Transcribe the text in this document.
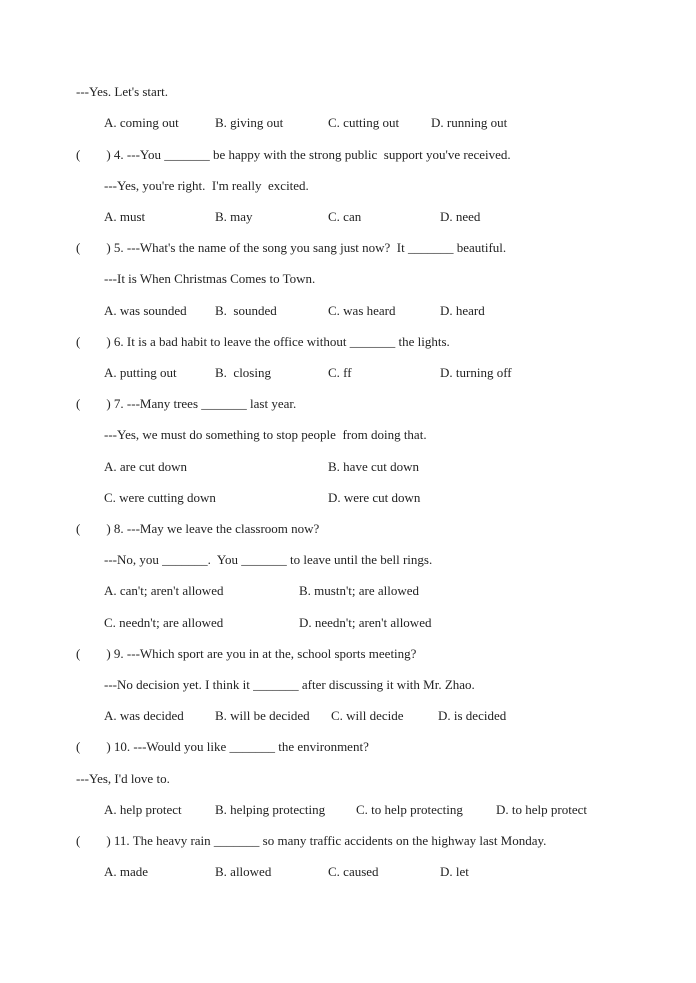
---Yes. Let's start.
A. coming out	B. giving out	C. cutting out D. running out
(        ) 4. ---You _______ be happy with the strong public  support you've received.
---Yes, you're right.  I'm really  excited.
A. must	B. may	C. can	D. need
(        ) 5. ---What's the name of the song you sang just now?  It _______ beautiful.
---It is When Christmas Comes to Town.
A. was sounded B.  sounded	C. was heard	D. heard
(        ) 6. It is a bad habit to leave the office without _______ the lights.
A. putting out	B.  closing	C. ff	D. turning off
(        ) 7. ---Many trees _______ last year.
---Yes, we must do something to stop people  from doing that.
A. are cut down	B. have cut down
C. were cutting down	D. were cut down
(        ) 8. ---May we leave the classroom now?
---No, you _______.  You _______ to leave until the bell rings.
A. can't; aren't allowed	B. mustn't; are allowed
C. needn't; are allowed	D. needn't; aren't allowed
(        ) 9. ---Which sport are you in at the, school sports meeting?
---No decision yet. I think it _______ after discussing it with Mr. Zhao.
A. was decided B. will be decided C. will decide	D. is decided
(        ) 10. ---Would you like _______ the environment?
---Yes, I'd love to.
A. help protect	B. helping protecting C. to help protecting	D. to help protect
(        ) 11. The heavy rain _______ so many traffic accidents on the highway last Monday.
A. made	B. allowed	C. caused	D. let
